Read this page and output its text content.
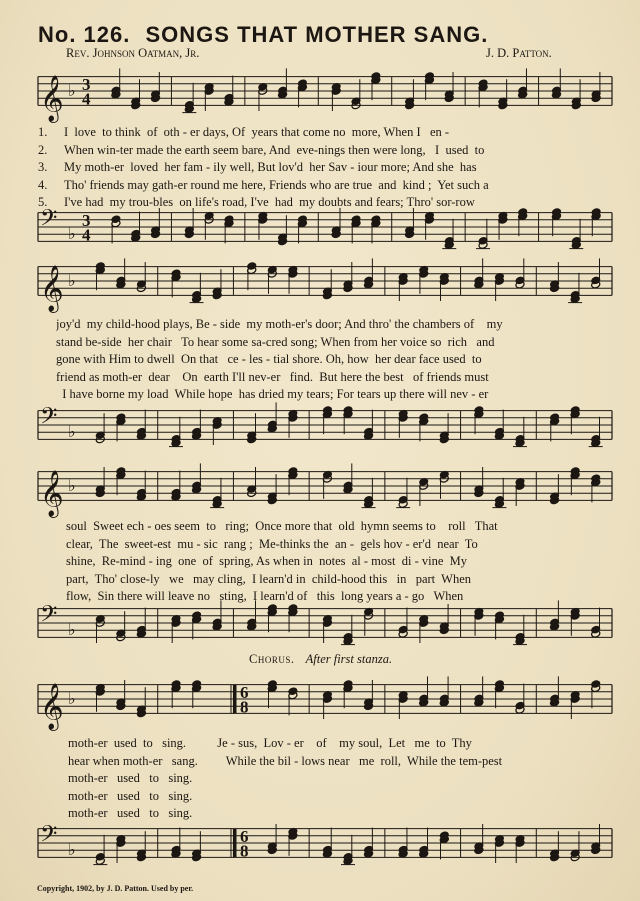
No. 126. SONGS THAT MOTHER SANG.
Rev. Johnson Oatman, Jr.	J. D. Patton.
𝄞 ♭ 3
4
1. I  love  to think  of  oth - er days, Of  years that come no  more, When I   en -
2. When win-ter made the earth seem bare, And  eve-nings then were long,   I  used  to
3. My moth-er  loved  her fam - ily well, But lov'd  her Sav - iour more; And she  has
4. Tho' friends may gath-er round me here, Friends who are true  and  kind ;  Yet such a
5. I've had  my trou-bles  on life's road, I've  had  my doubts and fears; Thro' sor-row
𝄢 ♭
3
4
𝄞 ♭
joy'd  my child-hood plays, Be - side  my moth-er's door; And thro' the chambers of    my
stand be-side  her chair   To hear some sa-cred song; When from her voice so  rich   and
gone with Him to dwell  On that   ce - les - tial shore. Oh, how  her dear face used  to
friend as moth-er  dear    On  earth I'll nev-er   find.  But here the best   of friends must
I have borne my load  While hope  has dried my tears; For tears up there will nev - er
𝄢 ♭
𝄞 ♭
soul  Sweet ech - oes seem  to   ring;  Once more that  old  hymn seems to    roll   That
clear,  The  sweet-est  mu - sic  rang ;  Me-thinks the  an -  gels hov - er'd  near  To
shine,  Re-mind - ing  one  of  spring, As when in  notes  al - most  di - vine  My
part,  Tho' close-ly   we   may cling,  I learn'd in  child-hood this   in   part  When
flow,  Sin there will leave no   sting,  I learn'd of   this  long years a - go   When
𝄢 ♭
Chorus. After first stanza.
𝄞 ♭	6
8
moth-er  used  to   sing.          Je - sus,  Lov - er    of    my soul,  Let   me  to  Thy
hear when moth-er   sang.         While the bil - lows near   me  roll,  While the tem-pest
moth-er   used   to   sing.
moth-er   used   to   sing.
moth-er   used   to   sing.
𝄢 ♭
6
8
Copyright, 1902, by J. D. Patton. Used by per.
